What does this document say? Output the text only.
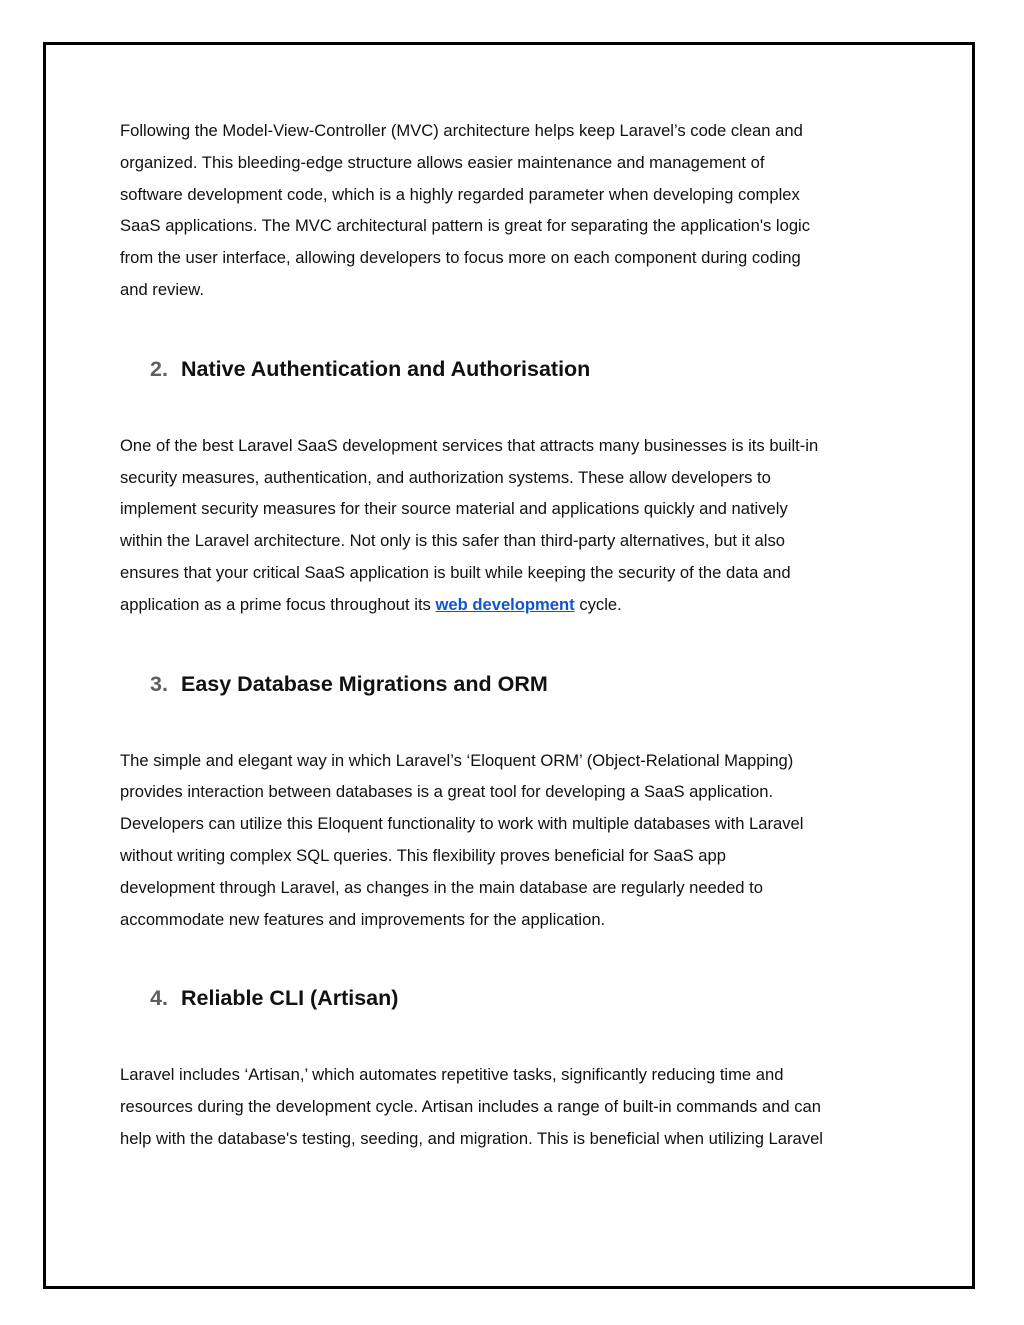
Following the Model-View-Controller (MVC) architecture helps keep Laravel’s code clean and
organized. This bleeding-edge structure allows easier maintenance and management of
software development code, which is a highly regarded parameter when developing complex
SaaS applications. The MVC architectural pattern is great for separating the application's logic
from the user interface, allowing developers to focus more on each component during coding
and review.

2. Native Authentication and Authorisation

One of the best Laravel SaaS development services that attracts many businesses is its built-in
security measures, authentication, and authorization systems. These allow developers to
implement security measures for their source material and applications quickly and natively
within the Laravel architecture. Not only is this safer than third-party alternatives, but it also
ensures that your critical SaaS application is built while keeping the security of the data and
application as a prime focus throughout its web development cycle.

3. Easy Database Migrations and ORM

The simple and elegant way in which Laravel’s ‘Eloquent ORM’ (Object-Relational Mapping)
provides interaction between databases is a great tool for developing a SaaS application.
Developers can utilize this Eloquent functionality to work with multiple databases with Laravel
without writing complex SQL queries. This flexibility proves beneficial for SaaS app
development through Laravel, as changes in the main database are regularly needed to
accommodate new features and improvements for the application.

4. Reliable CLI (Artisan)

Laravel includes ‘Artisan,’ which automates repetitive tasks, significantly reducing time and
resources during the development cycle. Artisan includes a range of built-in commands and can
help with the database's testing, seeding, and migration. This is beneficial when utilizing Laravel
